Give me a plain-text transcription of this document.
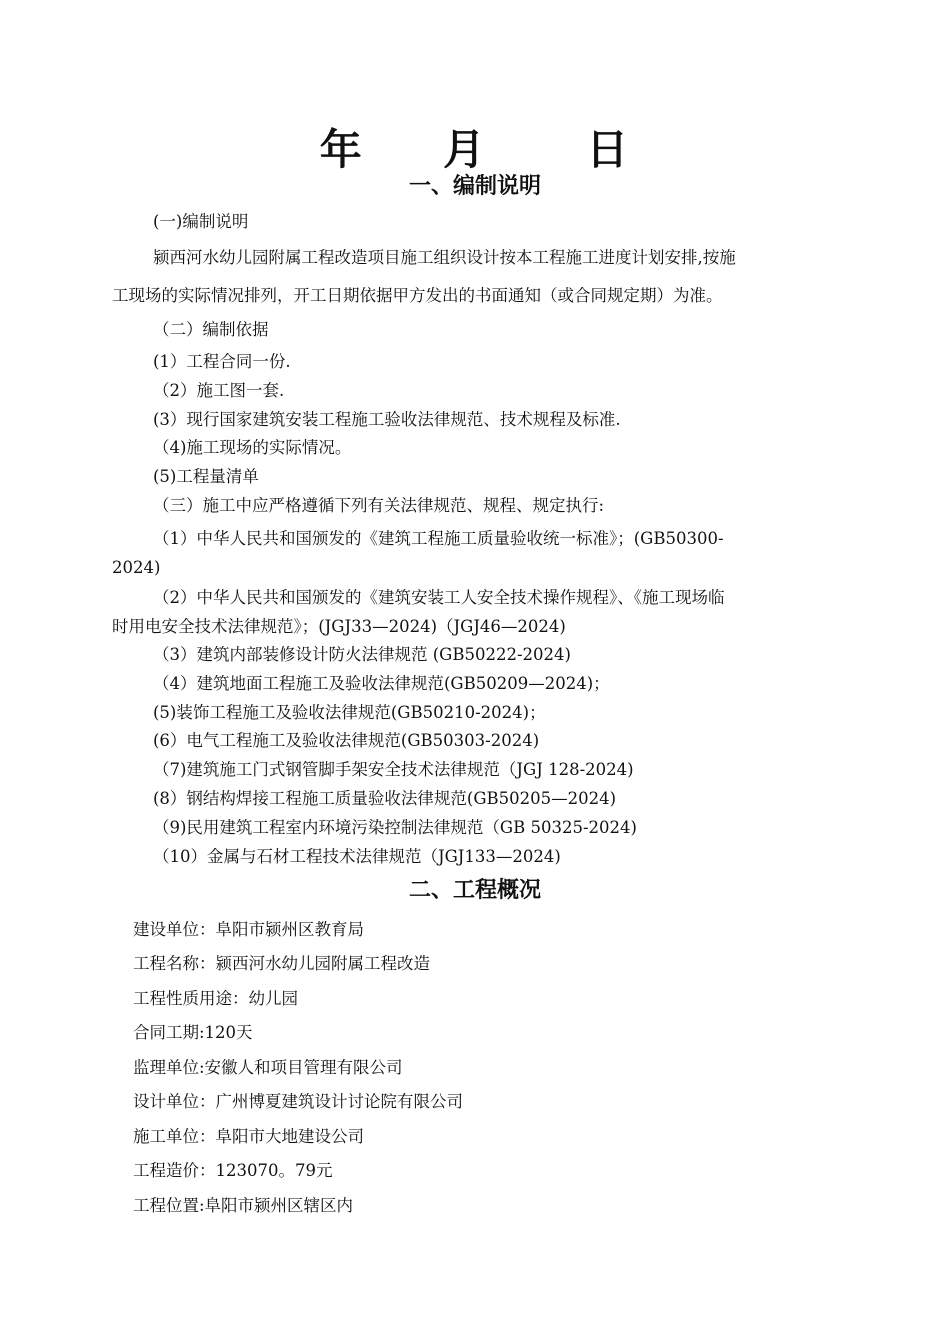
年 月 日
一、编制说明
(一)编制说明
颍西河水幼儿园附属工程改造项目施工组织设计按本工程施工进度计划安排,按施
工现场的实际情况排列，开工日期依据甲方发出的书面通知（或合同规定期）为准。
（二）编制依据
(1）工程合同一份.
（2）施工图一套.
(3）现行国家建筑安装工程施工验收法律规范、技术规程及标准.
（4)施工现场的实际情况。
(5)工程量清单
（三）施工中应严格遵循下列有关法律规范、规程、规定执行:
（1）中华人民共和国颁发的《建筑工程施工质量验收统一标准》；(GB50300-
2024)
（2）中华人民共和国颁发的《建筑安装工人安全技术操作规程》、《施工现场临
时用电安全技术法律规范》；(JGJ33—2024)（JGJ46—2024)
（3）建筑内部装修设计防火法律规范 (GB50222-2024)
（4）建筑地面工程施工及验收法律规范(GB50209—2024)；
(5)装饰工程施工及验收法律规范(GB50210-2024)；
(6）电气工程施工及验收法律规范(GB50303-2024)
（7)建筑施工门式钢管脚手架安全技术法律规范（JGJ 128-2024)
(8）钢结构焊接工程施工质量验收法律规范(GB50205—2024)
（9)民用建筑工程室内环境污染控制法律规范（GB 50325-2024)
（10）金属与石材工程技术法律规范（JGJ133—2024)
二、工程概况
建设单位：阜阳市颍州区教育局
工程名称：颍西河水幼儿园附属工程改造
工程性质用途：幼儿园
合同工期:120天
监理单位:安徽人和项目管理有限公司
设计单位：广州博夏建筑设计讨论院有限公司
施工单位：阜阳市大地建设公司
工程造价：123070。79元
工程位置:阜阳市颍州区辖区内
